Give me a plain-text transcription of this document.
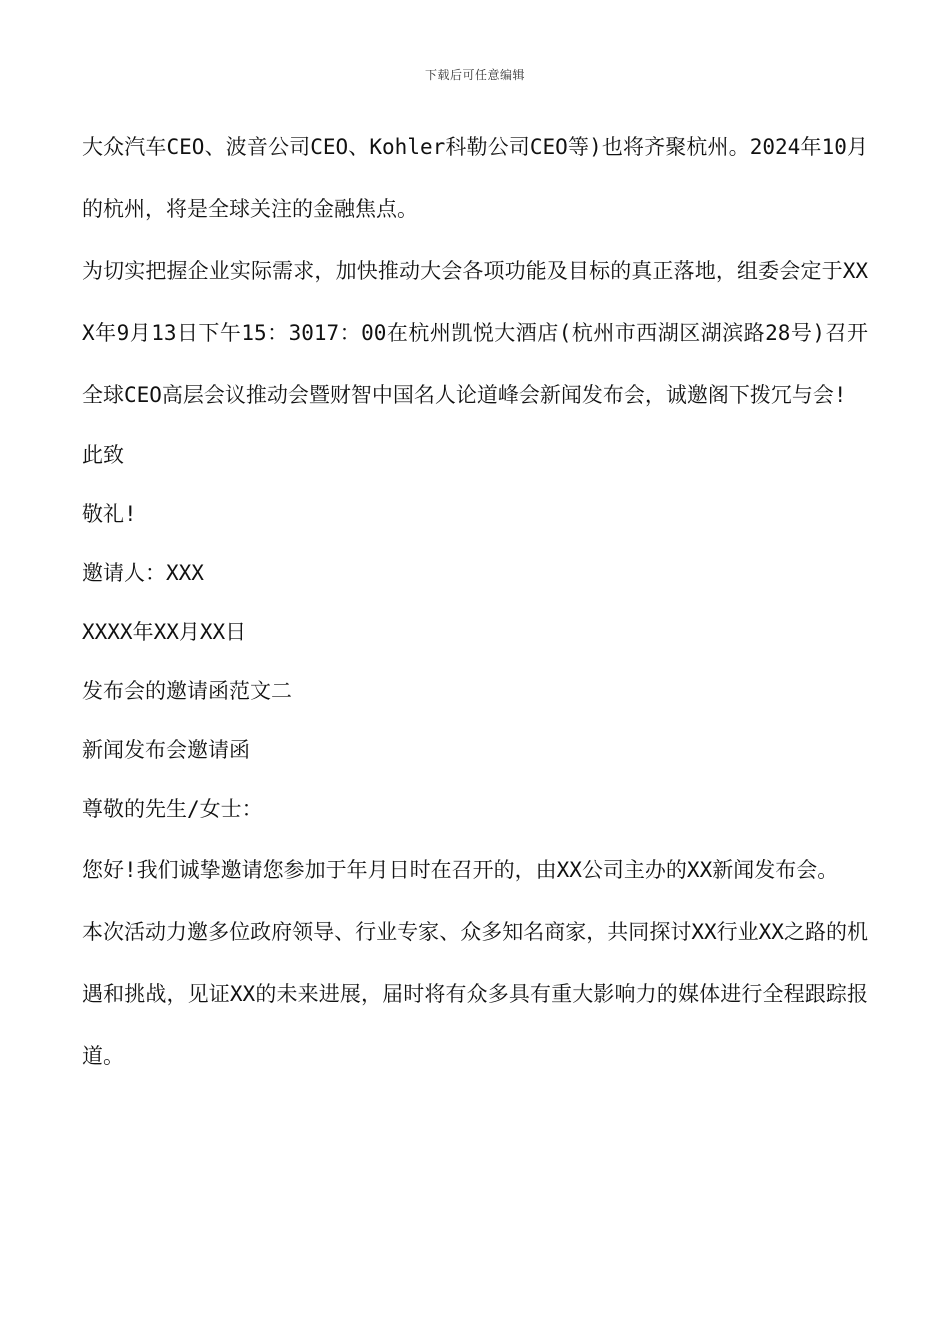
下载后可任意编辑

大众汽车CEO、波音公司CEO、Kohler科勒公司CEO等)也将齐聚杭州。2024年10月的杭州，将是全球关注的金融焦点。

为切实把握企业实际需求，加快推动大会各项功能及目标的真正落地，组委会定于XXX年9月13日下午15：3017：00在杭州凯悦大酒店(杭州市西湖区湖滨路28号)召开全球CEO高层会议推动会暨财智中国名人论道峰会新闻发布会，诚邀阁下拨冗与会!

此致

敬礼!

邀请人：XXX

XXXX年XX月XX日

发布会的邀请函范文二

新闻发布会邀请函

尊敬的先生/女士：

您好!我们诚挚邀请您参加于年月日时在召开的，由XX公司主办的XX新闻发布会。

本次活动力邀多位政府领导、行业专家、众多知名商家，共同探讨XX行业XX之路的机遇和挑战，见证XX的未来进展，届时将有众多具有重大影响力的媒体进行全程跟踪报道。
